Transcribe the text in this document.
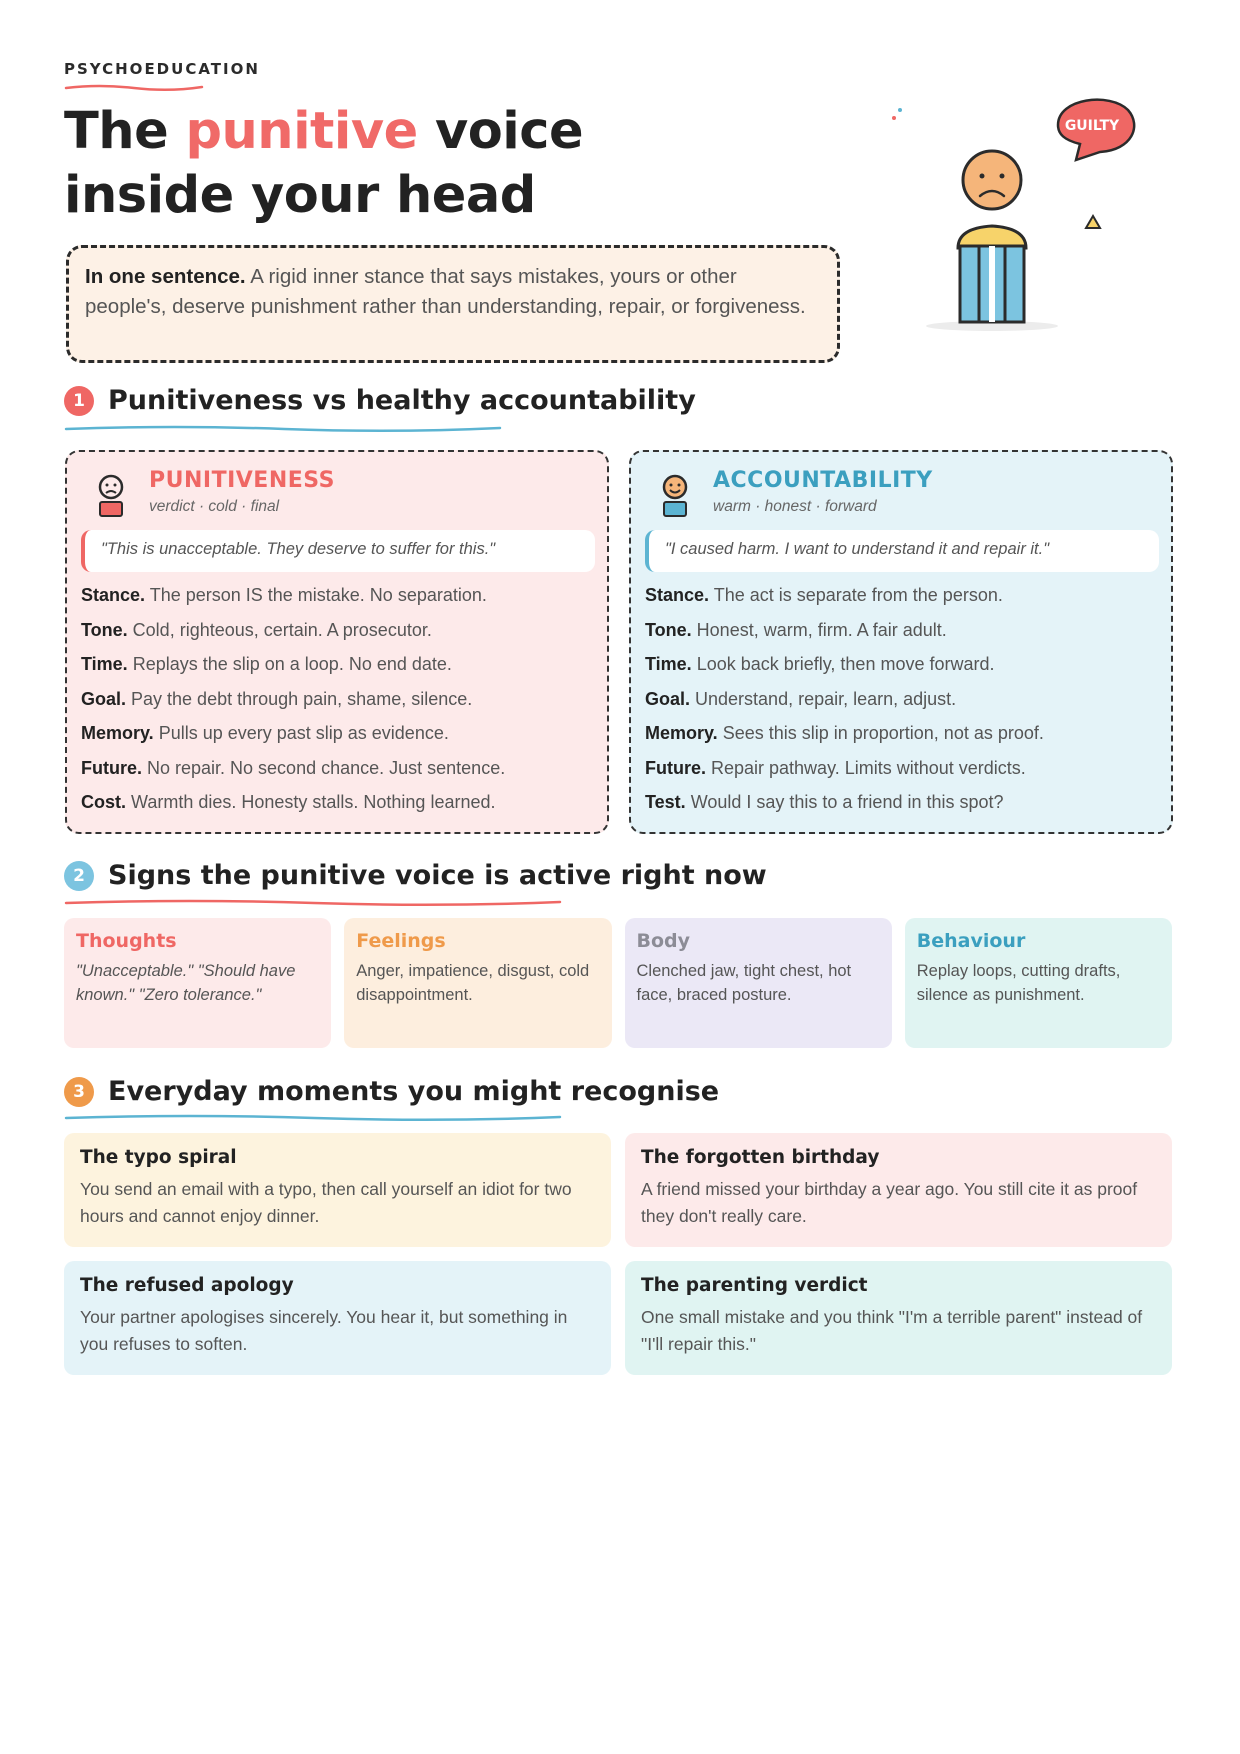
PSYCHOEDUCATION
The punitive voice
inside your head
In one sentence. A rigid inner stance that says mistakes, yours or other people's, deserve punishment rather than understanding, repair, or forgiveness.
GUILTY
1 Punitiveness vs healthy accountability
PUNITIVENESS
verdict · cold · final
"This is unacceptable. They deserve to suffer for this."
Stance. The person IS the mistake. No separation.
Tone. Cold, righteous, certain. A prosecutor.
Time. Replays the slip on a loop. No end date.
Goal. Pay the debt through pain, shame, silence.
Memory. Pulls up every past slip as evidence.
Future. No repair. No second chance. Just sentence.
Cost. Warmth dies. Honesty stalls. Nothing learned.
ACCOUNTABILITY
warm · honest · forward
"I caused harm. I want to understand it and repair it."
Stance. The act is separate from the person.
Tone. Honest, warm, firm. A fair adult.
Time. Look back briefly, then move forward.
Goal. Understand, repair, learn, adjust.
Memory. Sees this slip in proportion, not as proof.
Future. Repair pathway. Limits without verdicts.
Test. Would I say this to a friend in this spot?
2 Signs the punitive voice is active right now
Thoughts
"Unacceptable." "Should have known." "Zero tolerance."
Feelings
Anger, impatience, disgust, cold disappointment.
Body
Clenched jaw, tight chest, hot face, braced posture.
Behaviour
Replay loops, cutting drafts, silence as punishment.
3 Everyday moments you might recognise
The typo spiral
You send an email with a typo, then call yourself an idiot for two hours and cannot enjoy dinner.
The forgotten birthday
A friend missed your birthday a year ago. You still cite it as proof they don't really care.
The refused apology
Your partner apologises sincerely. You hear it, but something in you refuses to soften.
The parenting verdict
One small mistake and you think "I'm a terrible parent" instead of "I'll repair this."
